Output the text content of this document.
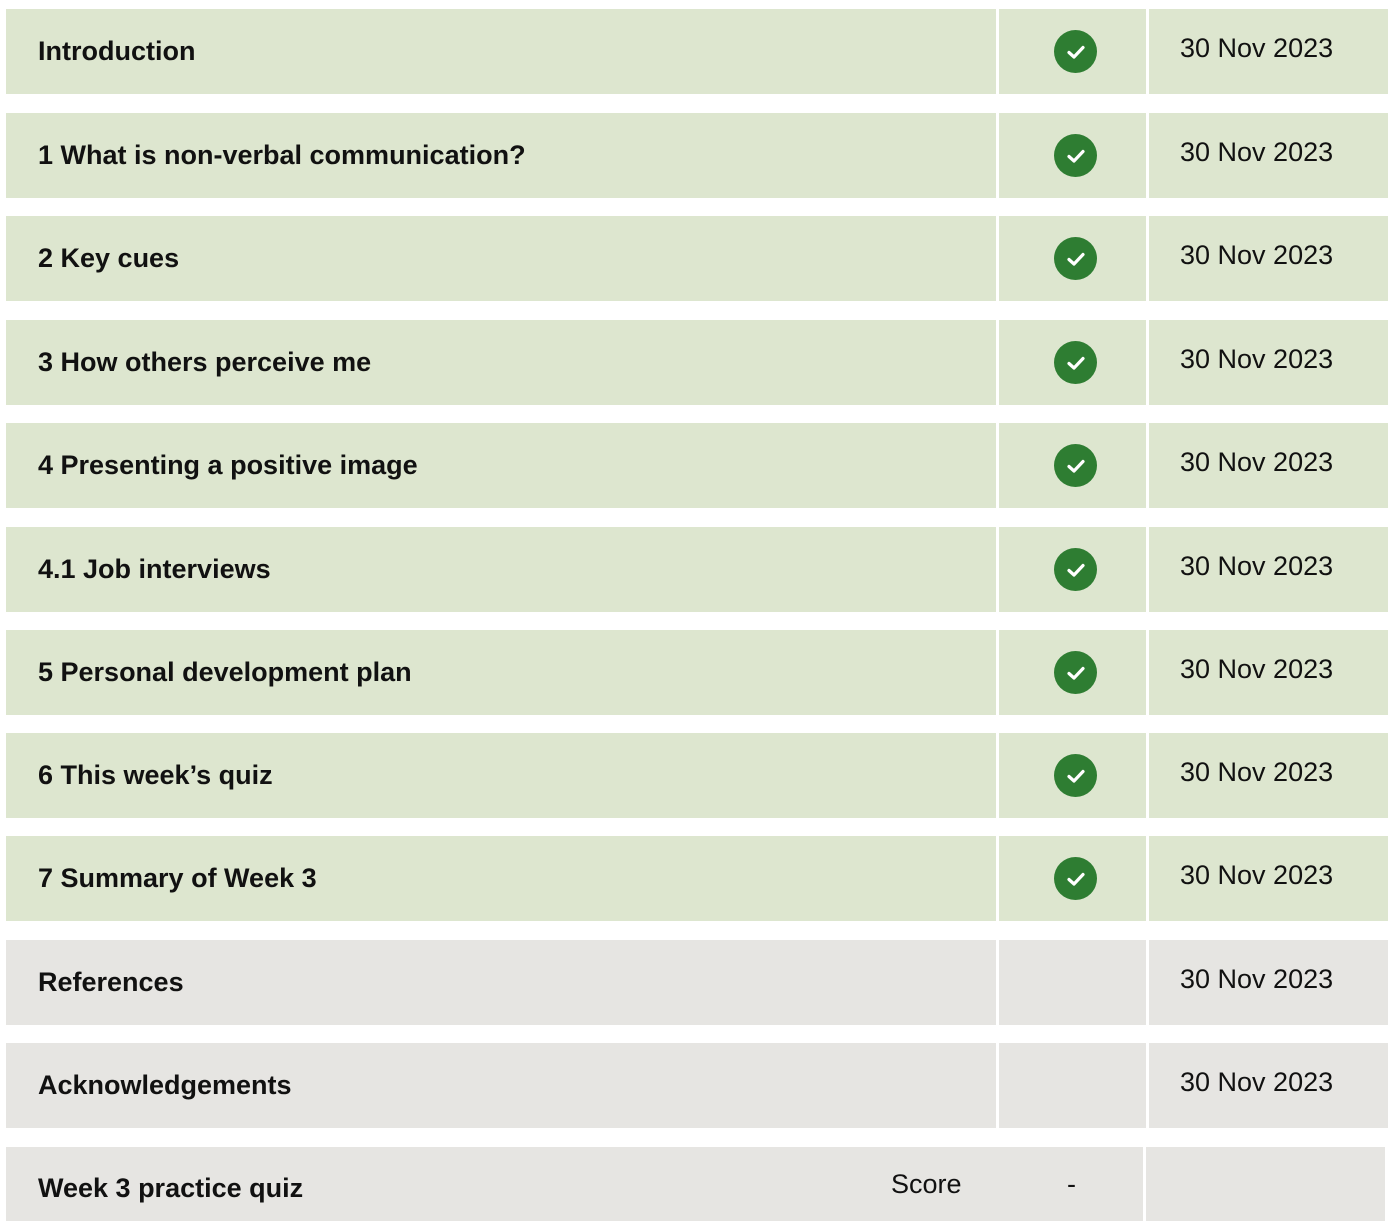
Introduction	30 Nov 2023
1 What is non-verbal communication?	30 Nov 2023
2 Key cues	30 Nov 2023
3 How others perceive me	30 Nov 2023
4 Presenting a positive image	30 Nov 2023
4.1 Job interviews	30 Nov 2023
5 Personal development plan	30 Nov 2023
6 This week’s quiz	30 Nov 2023
7 Summary of Week 3	30 Nov 2023
References	30 Nov 2023
Acknowledgements	30 Nov 2023
Week 3 practice quiz	Score	-
